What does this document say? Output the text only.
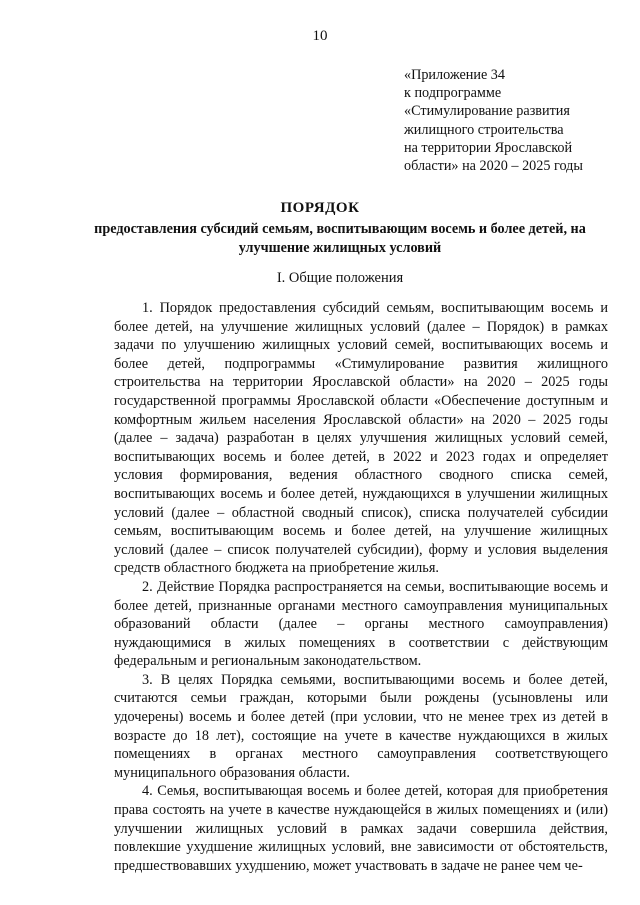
10
«Приложение 34
к подпрограмме
«Стимулирование развития
жилищного строительства
на территории Ярославской
области» на 2020 – 2025 годы
ПОРЯДОК
предоставления субсидий семьям, воспитывающим восемь и более детей, на улучшение жилищных условий
I. Общие положения

1. Порядок предоставления субсидий семьям, воспитывающим восемь и более детей, на улучшение жилищных условий (далее – Порядок) в рамках задачи по улучшению жилищных условий семей, воспитывающих восемь и более детей, подпрограммы «Стимулирование развития жилищного строительства на территории Ярославской области» на 2020 – 2025 годы государственной программы Ярославской области «Обеспечение доступным и комфортным жильем населения Ярославской области» на 2020 – 2025 годы (далее – задача) разработан в целях улучшения жилищных условий семей, воспитывающих восемь и более детей, в 2022 и 2023 годах и определяет условия формирования, ведения областного сводного списка семей, воспитывающих восемь и более детей, нуждающихся в улучшении жилищных условий (далее – областной сводный список), списка получателей субсидии семьям, воспитывающим восемь и более детей, на улучшение жилищных условий (далее – список получателей субсидии), форму и условия выделения средств областного бюджета на приобретение жилья.

2. Действие Порядка распространяется на семьи, воспитывающие восемь и более детей, признанные органами местного самоуправления муниципальных образований области (далее – органы местного самоуправления) нуждающимися в жилых помещениях в соответствии с действующим федеральным и региональным законодательством.

3. В целях Порядка семьями, воспитывающими восемь и более детей, считаются семьи граждан, которыми были рождены (усыновлены или удочерены) восемь и более детей (при условии, что не менее трех из детей в возрасте до 18 лет), состоящие на учете в качестве нуждающихся в жилых помещениях в органах местного самоуправления соответствующего муниципального образования области.

4. Семья, воспитывающая восемь и более детей, которая для приобретения права состоять на учете в качестве нуждающейся в жилых помещениях и (или) улучшении жилищных условий в рамках задачи совершила действия, повлекшие ухудшение жилищных условий, вне зависимости от обстоятельств, предшествовавших ухудшению, может участвовать в задаче не ранее чем че-
